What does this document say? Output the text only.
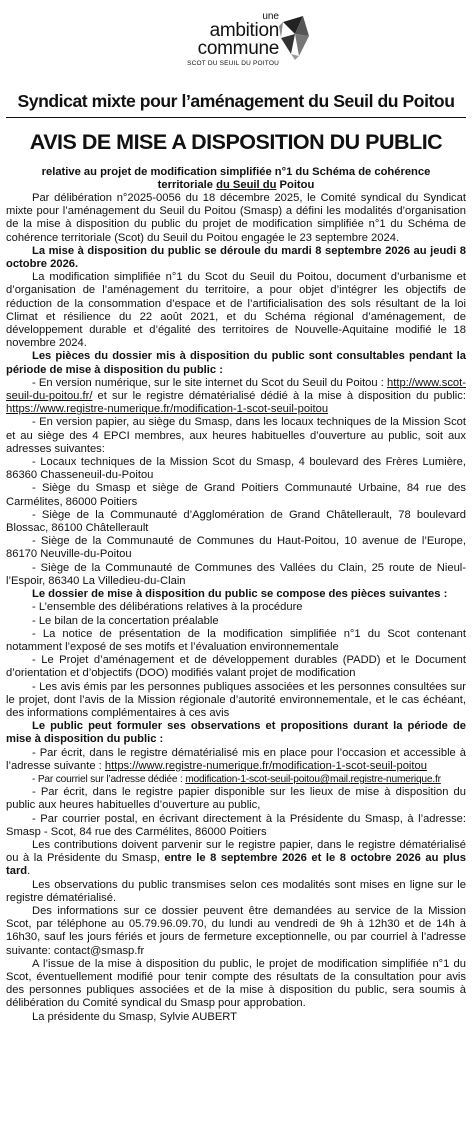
une
ambition
commune
SCOT DU SEUIL DU POITOU
Syndicat mixte pour l’aménagement du Seuil du Poitou
AVIS DE MISE A DISPOSITION DU PUBLIC
relative au projet de modification simplifiée n°1 du Schéma de cohérence
territoriale du Seuil du Poitou

Par délibération n°2025-0056 du 18 décembre 2025, le Comité syndical du Syndicat mixte pour l’aménagement du Seuil du Poitou (Smasp) a défini les modalités d’organisation de la mise à disposition du public du projet de modification simplifiée n°1 du Schéma de cohérence territoriale (Scot) du Seuil du Poitou engagée le 23 septembre 2024.

La mise à disposition du public se déroule du mardi 8 septembre 2026 au jeudi 8 octobre 2026.

La modification simplifiée n°1 du Scot du Seuil du Poitou, document d’urbanisme et d’organisation de l’aménagement du territoire, a pour objet d’intégrer les objectifs de réduction de la consommation d’espace et de l’artificialisation des sols résultant de la loi Climat et résilience du 22 août 2021, et du Schéma régional d’aménagement, de développement durable et d’égalité des territoires de Nouvelle-Aquitaine modifié le 18 novembre 2024.

Les pièces du dossier mis à disposition du public sont consultables pendant la période de mise à disposition du public :

- En version numérique, sur le site internet du Scot du Seuil du Poitou : http://www.scot-seuil-du-poitou.fr/ et sur le registre dématérialisé dédié à la mise à disposition du public: https://www.registre-numerique.fr/modification-1-scot-seuil-poitou

- En version papier, au siège du Smasp, dans les locaux techniques de la Mission Scot et au siège des 4 EPCI membres, aux heures habituelles d’ouverture au public, soit aux adresses suivantes:

- Locaux techniques de la Mission Scot du Smasp, 4 boulevard des Frères Lumière, 86360 Chasseneuil-du-Poitou

- Siège du Smasp et siège de Grand Poitiers Communauté Urbaine, 84 rue des Carmélites, 86000 Poitiers

- Siège de la Communauté d’Agglomération de Grand Châtellerault, 78 boulevard Blossac, 86100 Châtellerault

- Siège de la Communauté de Communes du Haut-Poitou, 10 avenue de l’Europe, 86170 Neuville-du-Poitou

- Siège de la Communauté de Communes des Vallées du Clain, 25 route de Nieul-l’Espoir, 86340 La Villedieu-du-Clain

Le dossier de mise à disposition du public se compose des pièces suivantes :

- L’ensemble des délibérations relatives à la procédure

- Le bilan de la concertation préalable

- La notice de présentation de la modification simplifiée n°1 du Scot contenant notamment l’exposé de ses motifs et l’évaluation environnementale

- Le Projet d’aménagement et de développement durables (PADD) et le Document d’orientation et d’objectifs (DOO) modifiés valant projet de modification

- Les avis émis par les personnes publiques associées et les personnes consultées sur le projet, dont l’avis de la Mission régionale d’autorité environnementale, et le cas échéant, des informations complémentaires à ces avis

Le public peut formuler ses observations et propositions durant la période de mise à disposition du public :

- Par écrit, dans le registre dématérialisé mis en place pour l’occasion et accessible à l’adresse suivante : https://www.registre-numerique.fr/modification-1-scot-seuil-poitou

- Par courriel sur l’adresse dédiée : modification-1-scot-seuil-poitou@mail.registre-numerique.fr

- Par écrit, dans le registre papier disponible sur les lieux de mise à disposition du public aux heures habituelles d’ouverture au public,

- Par courrier postal, en écrivant directement à la Présidente du Smasp, à l’adresse: Smasp - Scot, 84 rue des Carmélites, 86000 Poitiers

Les contributions doivent parvenir sur le registre papier, dans le registre dématérialisé ou à la Présidente du Smasp, entre le 8 septembre 2026 et le 8 octobre 2026 au plus tard.

Les observations du public transmises selon ces modalités sont mises en ligne sur le registre dématérialisé.

Des informations sur ce dossier peuvent être demandées au service de la Mission Scot, par téléphone au 05.79.96.09.70, du lundi au vendredi de 9h à 12h30 et de 14h à 16h30, sauf les jours fériés et jours de fermeture exceptionnelle, ou par courriel à l’adresse suivante: contact@smasp.fr

A l’issue de la mise à disposition du public, le projet de modification simplifiée n°1 du Scot, éventuellement modifié pour tenir compte des résultats de la consultation pour avis des personnes publiques associées et de la mise à disposition du public, sera soumis à délibération du Comité syndical du Smasp pour approbation.

La présidente du Smasp, Sylvie AUBERT
